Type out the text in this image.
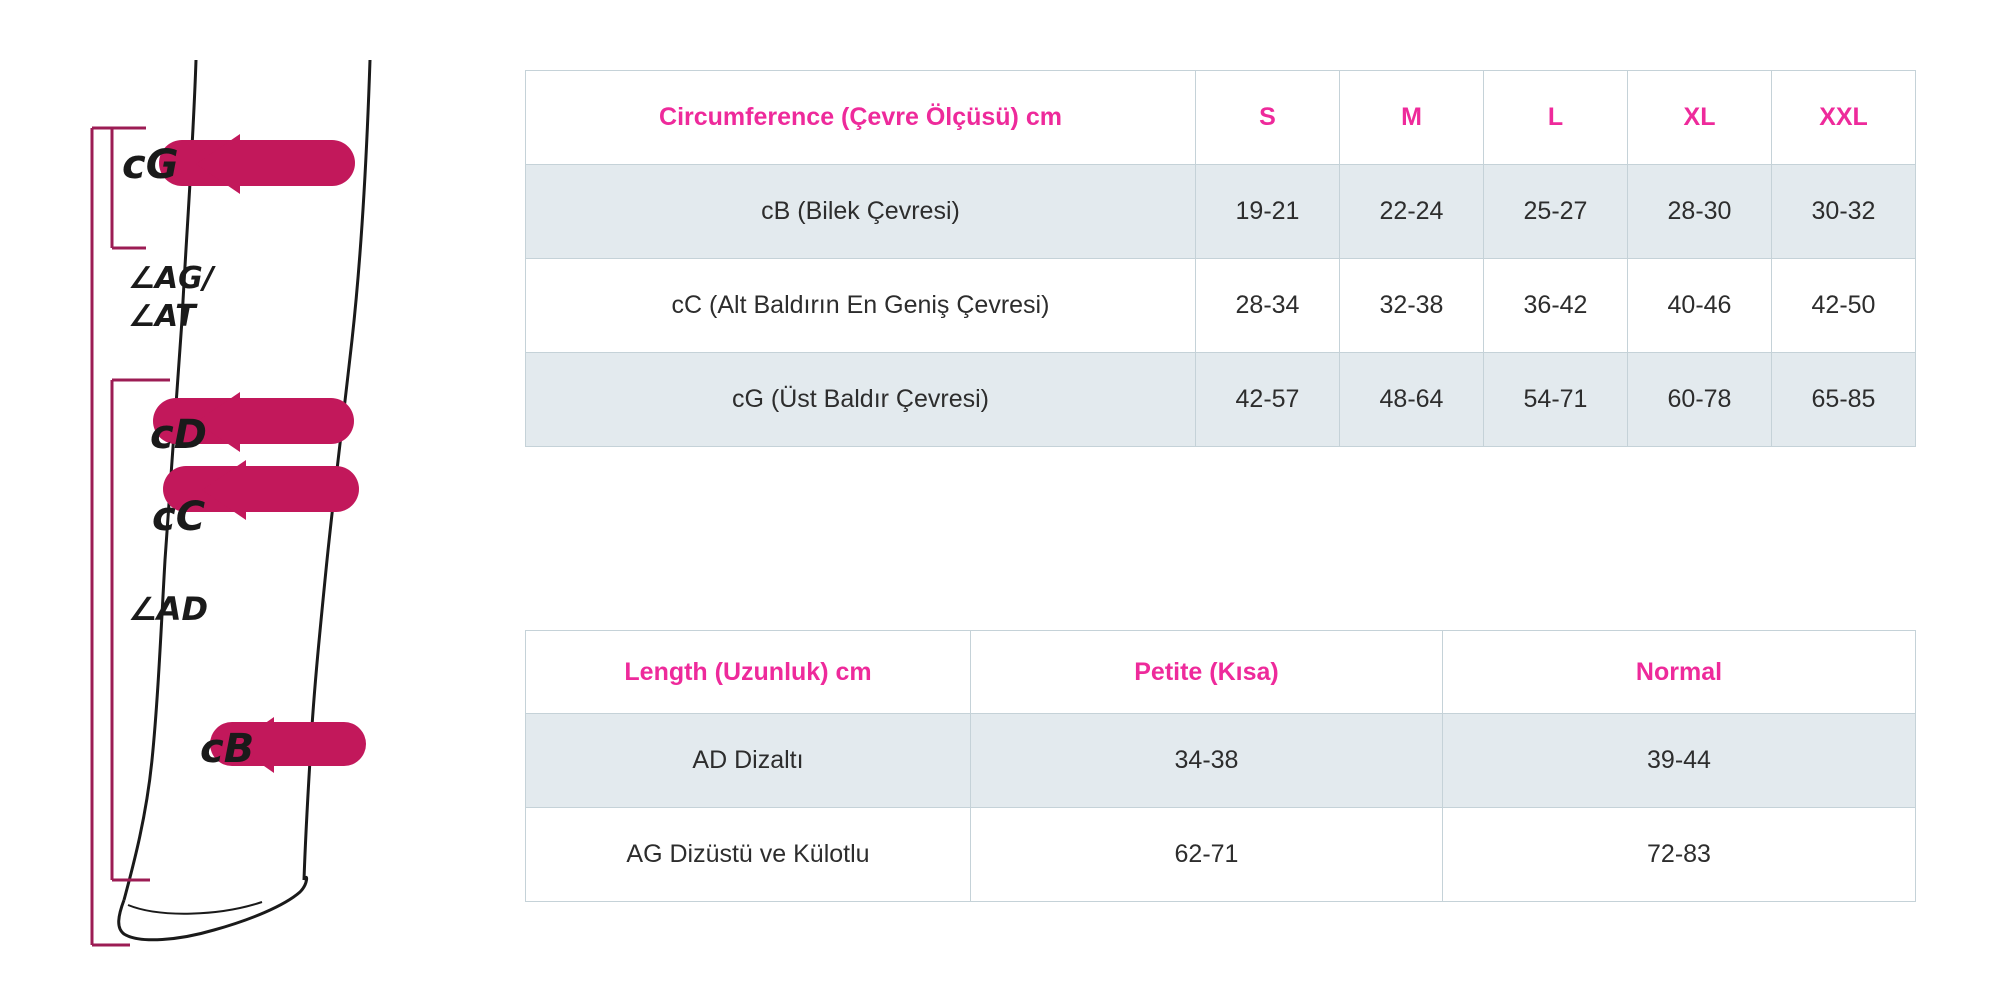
cG
∠AG/
∠AT
cD
cC
∠AD
cB
Circumference (Çevre Ölçüsü) cm	S	M	L	XL	XXL
cB (Bilek Çevresi)	19-21	22-24	25-27	28-30	30-32
cC (Alt Baldırın En Geniş Çevresi)	28-34	32-38	36-42	40-46	42-50
cG (Üst Baldır Çevresi)	42-57	48-64	54-71	60-78	65-85
Length (Uzunluk) cm	Petite (Kısa)	Normal
AD Dizaltı	34-38	39-44
AG Dizüstü ve Külotlu	62-71	72-83
